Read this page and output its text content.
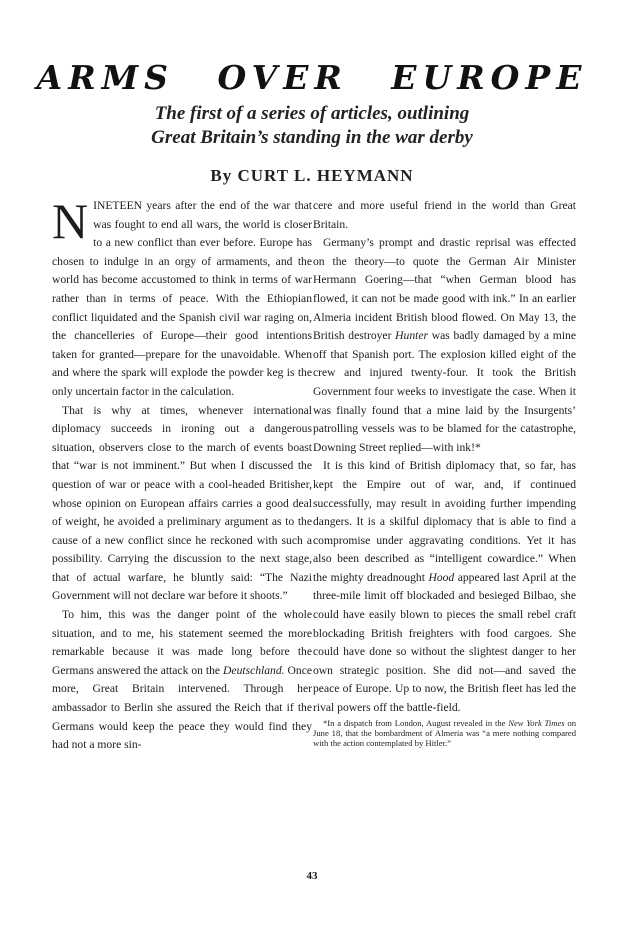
ARMS OVER EUROPE
The first of a series of articles, outlining
Great Britain’s standing in the war derby
By CURT L. HEYMANN

NINETEEN years after the end of the war that was fought to end all wars, the world is closer to a new conflict than ever before. Europe has chosen to indulge in an orgy of armaments, and the world has become accustomed to think in terms of war rather than in terms of peace. With the Ethiopian conflict liquidated and the Spanish civil war raging on, the chancelleries of Europe—their good intentions taken for granted—prepare for the unavoidable. When and where the spark will explode the powder keg is the only uncertain factor in the calculation.

That is why at times, whenever international diplomacy succeeds in ironing out a dangerous situation, observers close to the march of events boast that “war is not imminent.” But when I discussed the question of war or peace with a cool-headed Britisher, whose opinion on European affairs carries a good deal of weight, he avoided a preliminary argument as to the cause of a new conflict since he reckoned with such a possibility. Carrying the discussion to the next stage, that of actual warfare, he bluntly said: “The Nazi Government will not declare war before it shoots.”

To him, this was the danger point of the whole situation, and to me, his statement seemed the more remarkable because it was made long before the Germans answered the attack on the Deutschland. Once more, Great Britain intervened. Through her ambassador to Berlin she assured the Reich that if the Germans would keep the peace they would find they had not a more sin-

cere and more useful friend in the world than Great Britain.

Germany’s prompt and drastic reprisal was effected on the theory—to quote the German Air Minister Hermann Goering—that “when German blood has flowed, it can not be made good with ink.” In an earlier Almeria incident British blood flowed. On May 13, the British destroyer Hunter was badly damaged by a mine off that Spanish port. The explosion killed eight of the crew and injured twenty-four. It took the British Government four weeks to investigate the case. When it was finally found that a mine laid by the Insurgents’ patrolling vessels was to be blamed for the catastrophe, Downing Street replied—with ink!*

It is this kind of British diplomacy that, so far, has kept the Empire out of war, and, if continued successfully, may result in avoiding further impending dangers. It is a skilful diplomacy that is able to find a compromise under aggravating conditions. Yet it has also been described as “intelligent cowardice.” When the mighty dreadnought Hood appeared last April at the three-mile limit off blockaded and besieged Bilbao, she could have easily blown to pieces the small rebel craft blockading British freighters with food cargoes. She could have done so without the slightest danger to her own strategic position. She did not—and saved the peace of Europe. Up to now, the British fleet has led the rival powers off the battle-field.

*In a dispatch from London, August revealed in the New York Times on June 18, that the bombardment of Almeria was “a mere nothing compared with the action contemplated by Hitler.”

43
